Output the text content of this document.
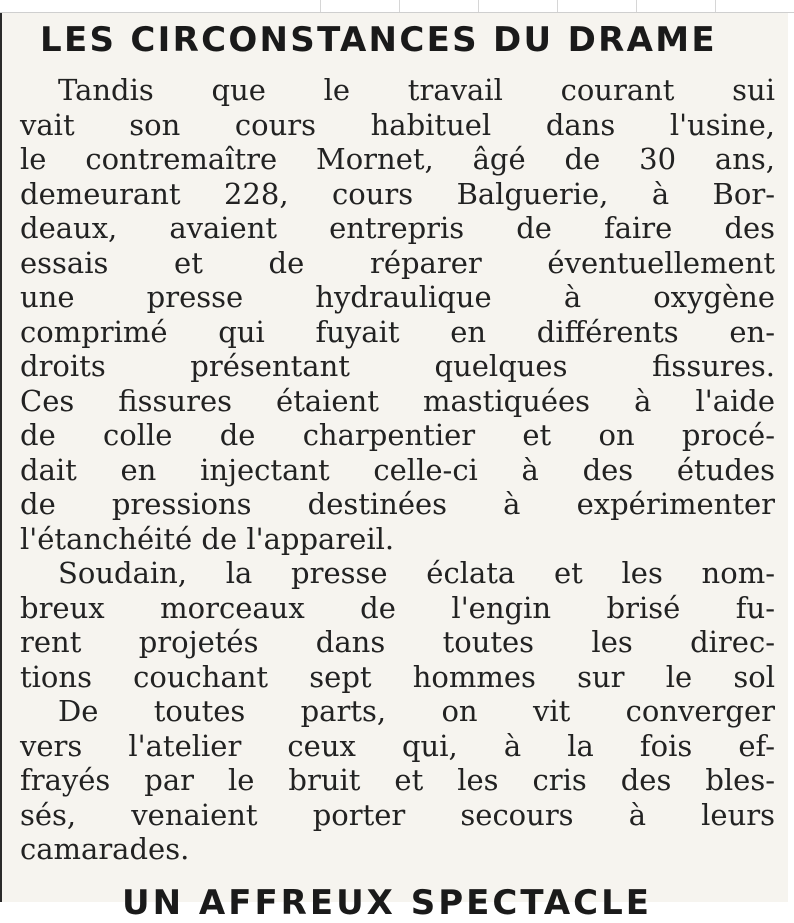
LES CIRCONSTANCES DU DRAME
Tandis que le travail courant sui
vait son cours habituel dans l'usine,
le contremaître Mornet, âgé de 30 ans,
demeurant 228, cours Balguerie, à Bor-
deaux, avaient entrepris de faire des
essais et de réparer éventuellement
une presse hydraulique à oxygène
comprimé qui fuyait en différents en-
droits présentant quelques fissures.
Ces fissures étaient mastiquées à l'aide
de colle de charpentier et on procé-
dait en injectant celle-ci à des études
de pressions destinées à expérimenter
l'étanchéité de l'appareil.
Soudain, la presse éclata et les nom-
breux morceaux de l'engin brisé fu-
rent projetés dans toutes les direc-
tions couchant sept hommes sur le sol
De toutes parts, on vit converger
vers l'atelier ceux qui, à la fois ef-
frayés par le bruit et les cris des bles-
sés, venaient porter secours à leurs
camarades.
UN AFFREUX SPECTACLE
